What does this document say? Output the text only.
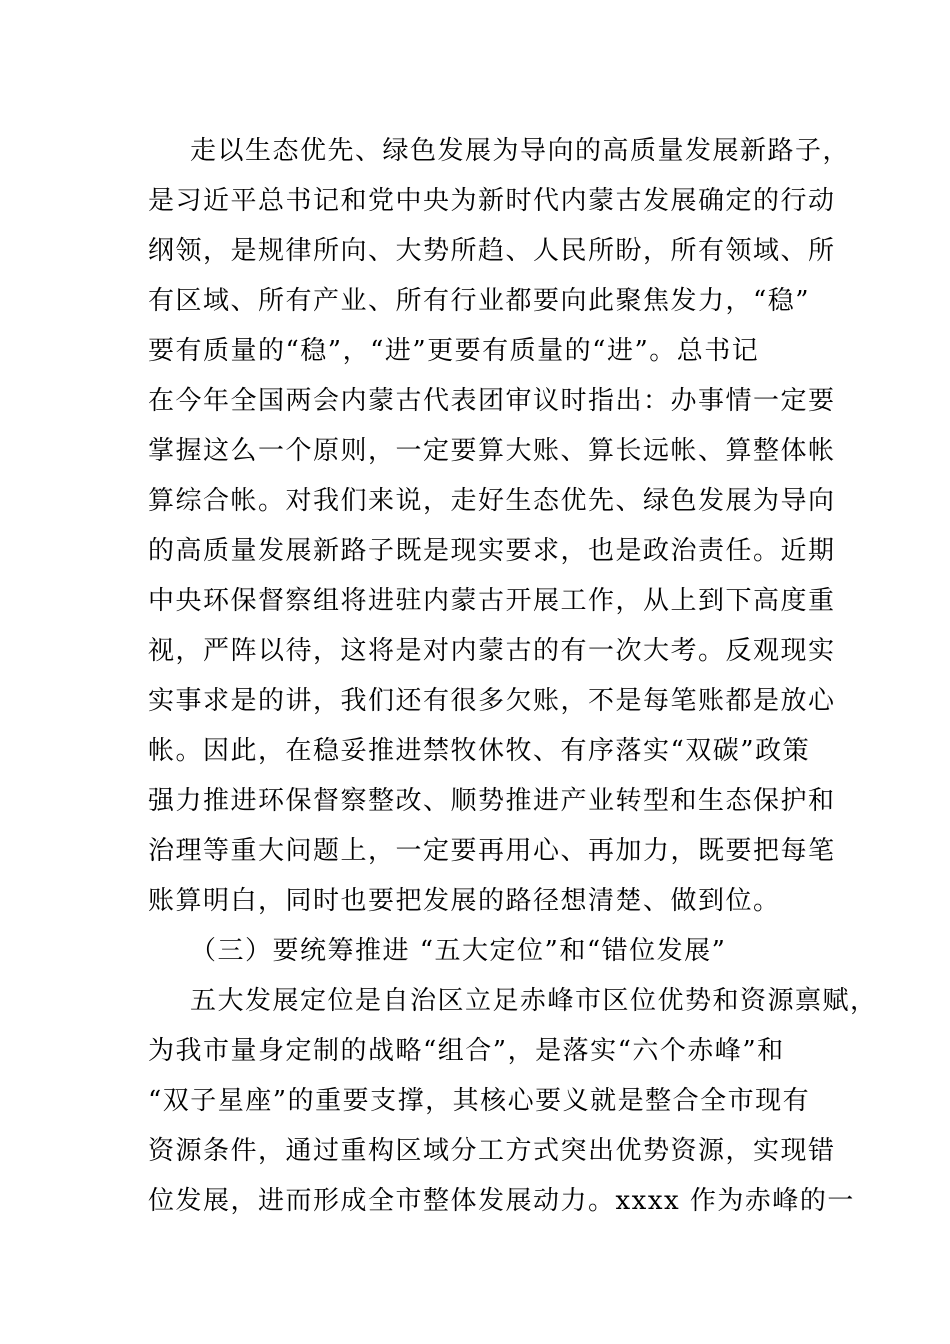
走以生态优先、绿色发展为导向的高质量发展新路子，
是习近平总书记和党中央为新时代内蒙古发展确定的行动
纲领，是规律所向、大势所趋、人民所盼，所有领域、所
有区域、所有产业、所有行业都要向此聚焦发力，“稳”
要有质量的“稳”，“进”更要有质量的“进”。总书记
在今年全国两会内蒙古代表团审议时指出：办事情一定要
掌握这么一个原则，一定要算大账、算长远帐、算整体帐
算综合帐。对我们来说，走好生态优先、绿色发展为导向
的高质量发展新路子既是现实要求，也是政治责任。近期
中央环保督察组将进驻内蒙古开展工作，从上到下高度重
视，严阵以待，这将是对内蒙古的有一次大考。反观现实
实事求是的讲，我们还有很多欠账，不是每笔账都是放心
帐。因此，在稳妥推进禁牧休牧、有序落实“双碳”政策
强力推进环保督察整改、顺势推进产业转型和生态保护和
治理等重大问题上，一定要再用心、再加力，既要把每笔
账算明白，同时也要把发展的路径想清楚、做到位。
（三）要统筹推进 “五大定位”和“错位发展”
五大发展定位是自治区立足赤峰市区位优势和资源禀赋，
为我市量身定制的战略“组合”，是落实“六个赤峰”和
“双子星座”的重要支撑，其核心要义就是整合全市现有
资源条件，通过重构区域分工方式突出优势资源，实现错
位发展，进而形成全市整体发展动力。xxxx 作为赤峰的一
